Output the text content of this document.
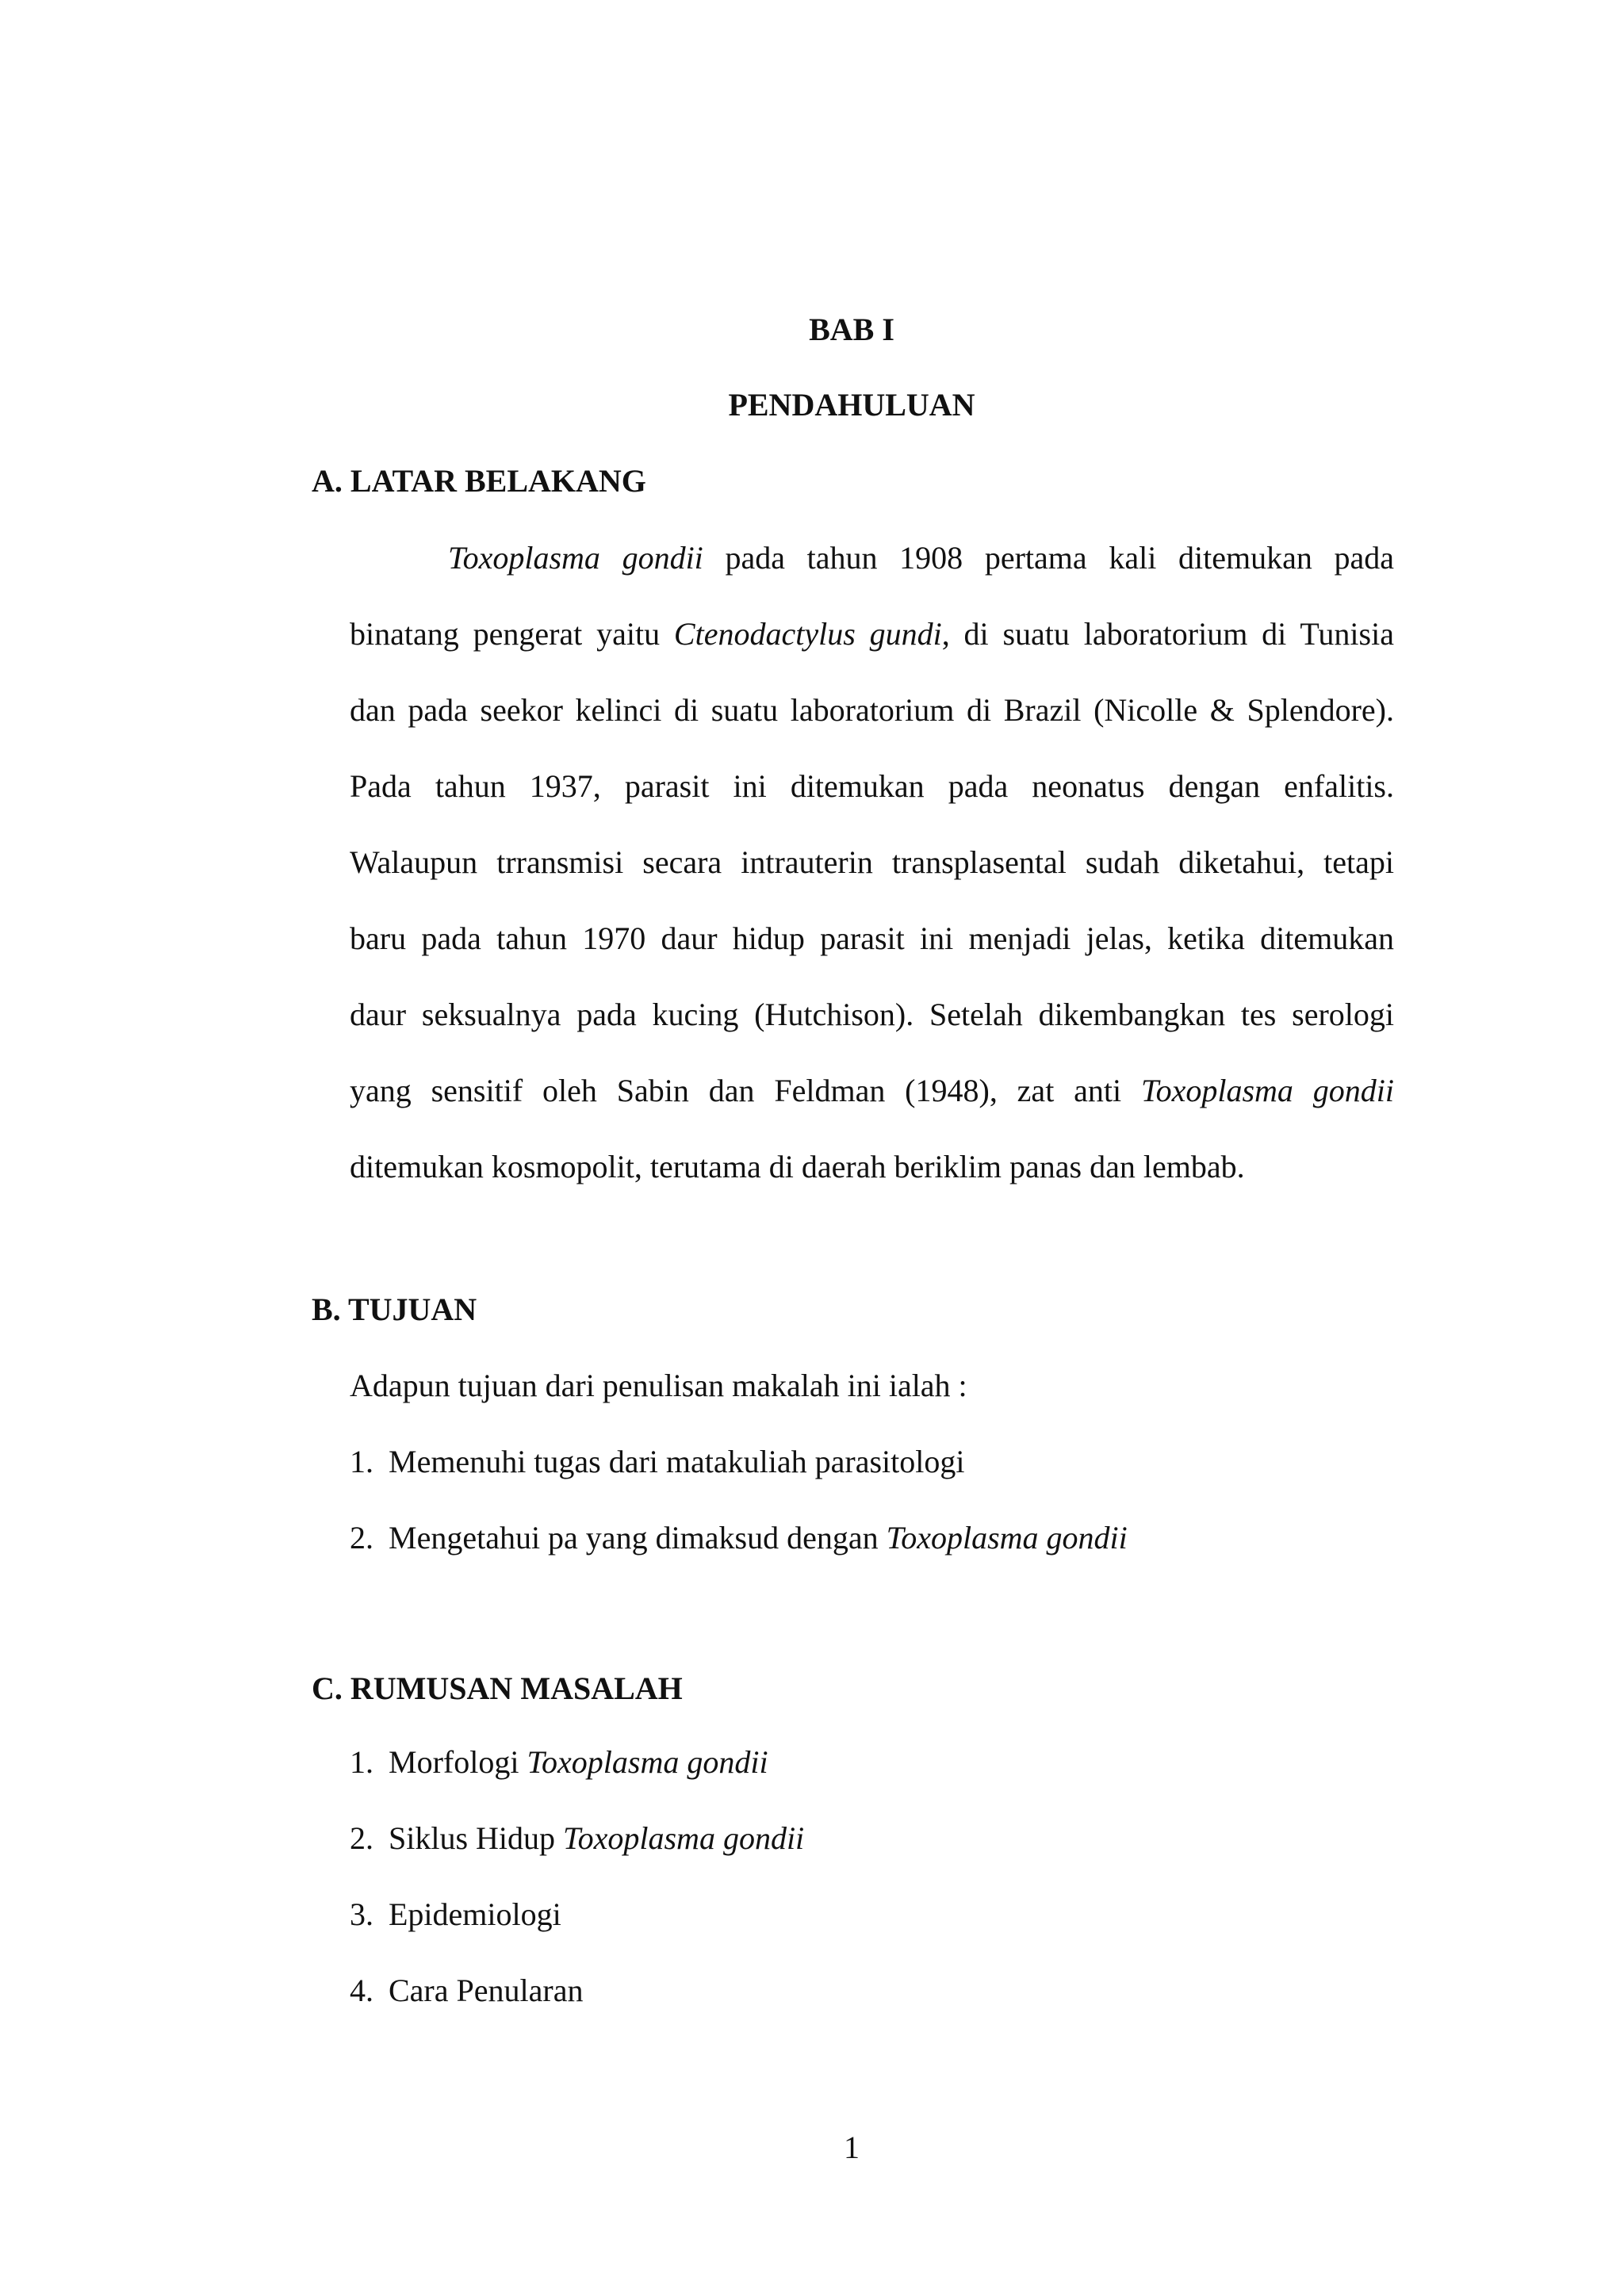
BAB I
PENDAHULUAN
A. LATAR BELAKANG
Toxoplasma gondii pada tahun 1908 pertama kali ditemukan pada
binatang pengerat yaitu Ctenodactylus gundi, di suatu laboratorium di Tunisia
dan pada seekor kelinci di suatu laboratorium di Brazil (Nicolle & Splendore).
Pada tahun 1937, parasit ini ditemukan pada neonatus dengan enfalitis.
Walaupun trransmisi secara intrauterin transplasental sudah diketahui, tetapi
baru pada tahun 1970 daur hidup parasit ini menjadi jelas, ketika ditemukan
daur seksualnya pada kucing (Hutchison). Setelah dikembangkan tes serologi
yang sensitif oleh Sabin dan Feldman (1948), zat anti Toxoplasma gondii
ditemukan kosmopolit, terutama di daerah beriklim panas dan lembab.
B. TUJUAN
Adapun tujuan dari penulisan makalah ini ialah :
1. Memenuhi tugas dari matakuliah parasitologi
2. Mengetahui pa yang dimaksud dengan Toxoplasma gondii
C. RUMUSAN MASALAH
1. Morfologi Toxoplasma gondii
2. Siklus Hidup Toxoplasma gondii
3. Epidemiologi
4. Cara Penularan
1
